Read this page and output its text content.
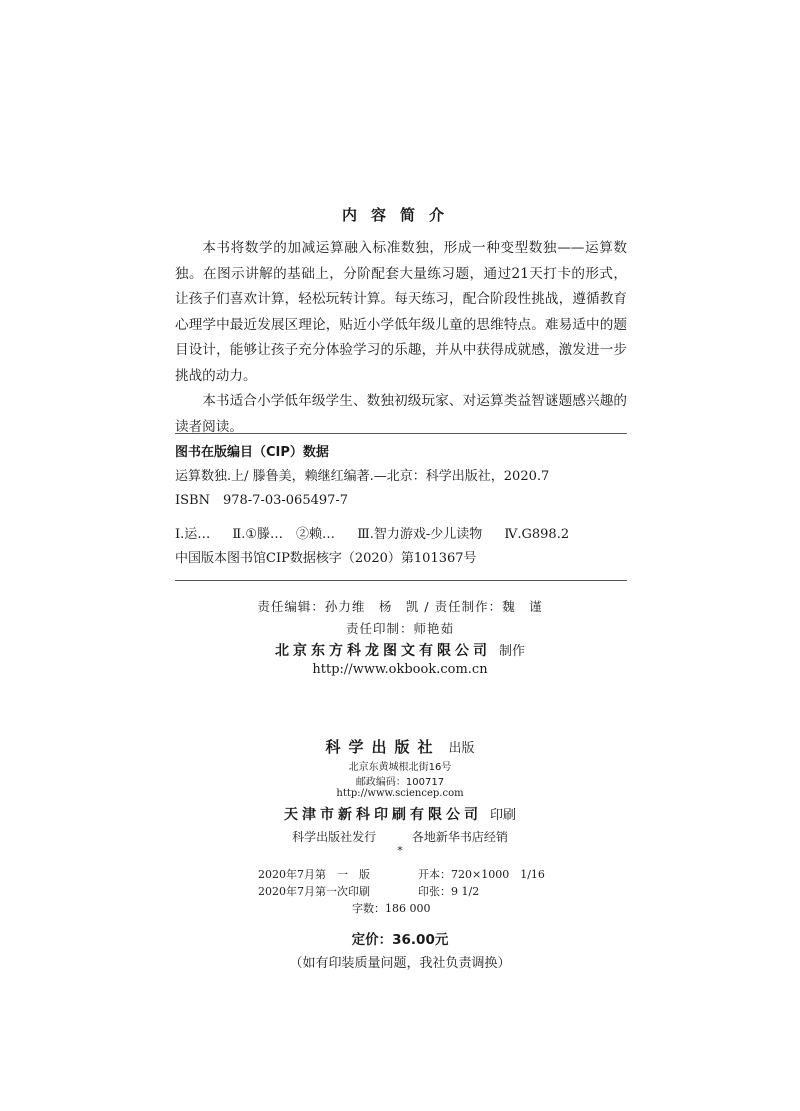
内容简介

本书将数学的加减运算融入标准数独，形成一种变型数独——运算数独。在图示讲解的基础上，分阶配套大量练习题，通过21天打卡的形式，让孩子们喜欢计算，轻松玩转计算。每天练习，配合阶段性挑战，遵循教育心理学中最近发展区理论，贴近小学低年级儿童的思维特点。难易适中的题目设计，能够让孩子充分体验学习的乐趣，并从中获得成就感，激发进一步挑战的动力。

本书适合小学低年级学生、数独初级玩家、对运算类益智谜题感兴趣的读者阅读。

图书在版编目（CIP）数据
运算数独.上/ 滕鲁美，赖继红编著.—北京：科学出版社，2020.7
ISBN　978-7-03-065497-7
Ⅰ.运… Ⅱ.①滕…　②赖… Ⅲ.智力游戏-少儿读物 Ⅳ.G898.2
中国版本图书馆CIP数据核字（2020）第101367号
责任编辑：孙力维　杨　凯 / 责任制作：魏　谨
责任印制：师艳茹
北京东方科龙图文有限公司 制作
http://www.okbook.com.cn
科学出版社 出版
北京东黄城根北街16号
邮政编码：100717
http://www.sciencep.com
天津市新科印刷有限公司 印刷
科学出版社发行	各地新华书店经销
*
2020年7月第　一　版	开本：720×1000　1/16
2020年7月第一次印刷	印张：9 1/2
字数：186 000
定价：36.00元
（如有印装质量问题，我社负责调换）
